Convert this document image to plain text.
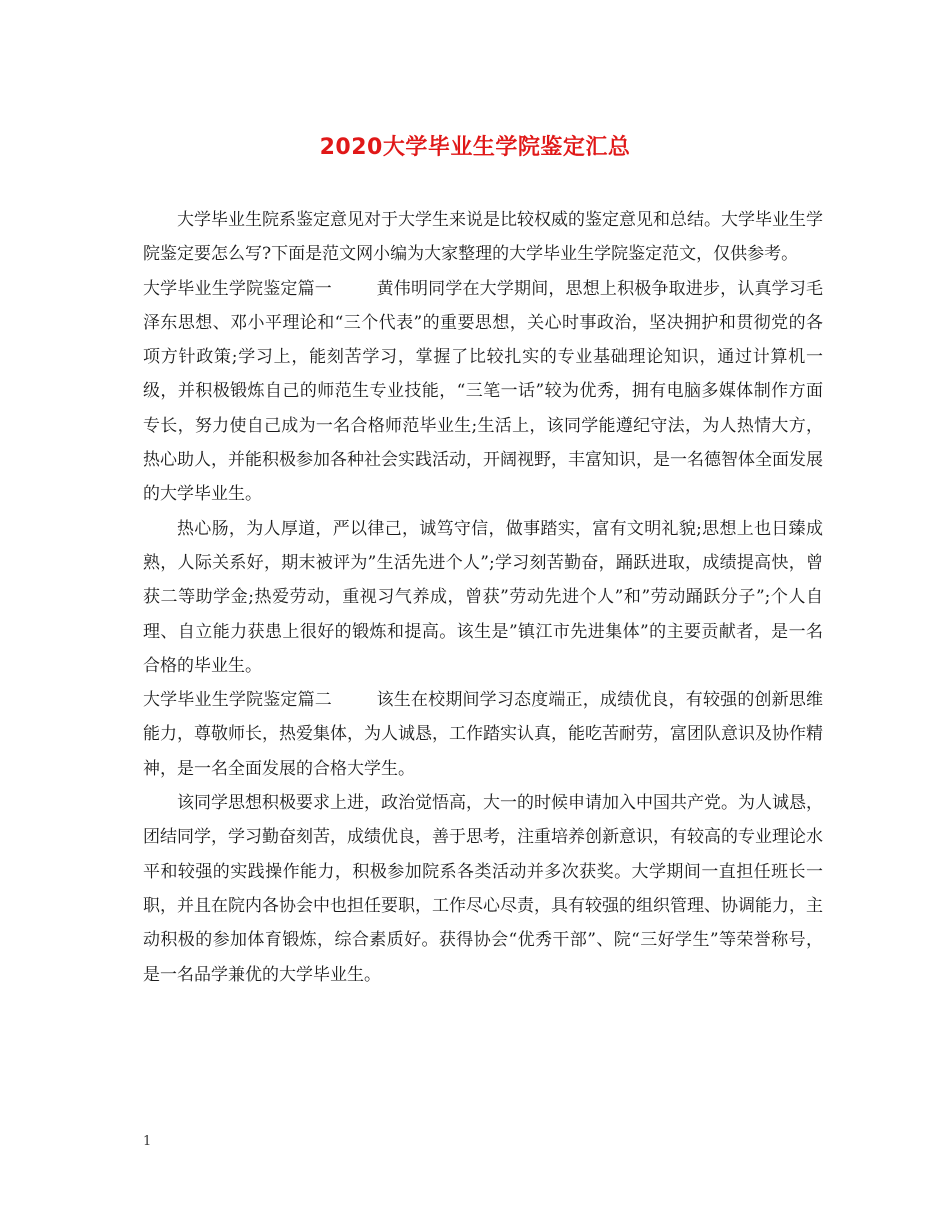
2020大学毕业生学院鉴定汇总

大学毕业生院系鉴定意见对于大学生来说是比较权威的鉴定意见和总结。大学毕业生学院鉴定要怎么写?下面是范文网小编为大家整理的大学毕业生学院鉴定范文，仅供参考。

大学毕业生学院鉴定篇一	黄伟明同学在大学期间，思想上积极争取进步，认真学习毛泽东思想、邓小平理论和“三个代表”的重要思想，关心时事政治，坚决拥护和贯彻党的各项方针政策;学习上，能刻苦学习，掌握了比较扎实的专业基础理论知识，通过计算机一级，并积极锻炼自己的师范生专业技能，“三笔一话”较为优秀，拥有电脑多媒体制作方面专长，努力使自己成为一名合格师范毕业生;生活上，该同学能遵纪守法，为人热情大方，热心助人，并能积极参加各种社会实践活动，开阔视野，丰富知识，是一名德智体全面发展的大学毕业生。

热心肠，为人厚道，严以律己，诚笃守信，做事踏实，富有文明礼貌;思想上也日臻成熟，人际关系好，期末被评为”生活先进个人”;学习刻苦勤奋，踊跃进取，成绩提高快，曾获二等助学金;热爱劳动，重视习气养成，曾获”劳动先进个人”和”劳动踊跃分子”;个人自理、自立能力获患上很好的锻炼和提高。该生是”镇江市先进集体”的主要贡献者，是一名合格的毕业生。

大学毕业生学院鉴定篇二	该生在校期间学习态度端正，成绩优良，有较强的创新思维能力，尊敬师长，热爱集体，为人诚恳，工作踏实认真，能吃苦耐劳，富团队意识及协作精神，是一名全面发展的合格大学生。

该同学思想积极要求上进，政治觉悟高，大一的时候申请加入中国共产党。为人诚恳，团结同学，学习勤奋刻苦，成绩优良，善于思考，注重培养创新意识，有较高的专业理论水平和较强的实践操作能力，积极参加院系各类活动并多次获奖。大学期间一直担任班长一职，并且在院内各协会中也担任要职，工作尽心尽责，具有较强的组织管理、协调能力，主动积极的参加体育锻炼，综合素质好。获得协会“优秀干部”、院“三好学生”等荣誉称号，是一名品学兼优的大学毕业生。

1
